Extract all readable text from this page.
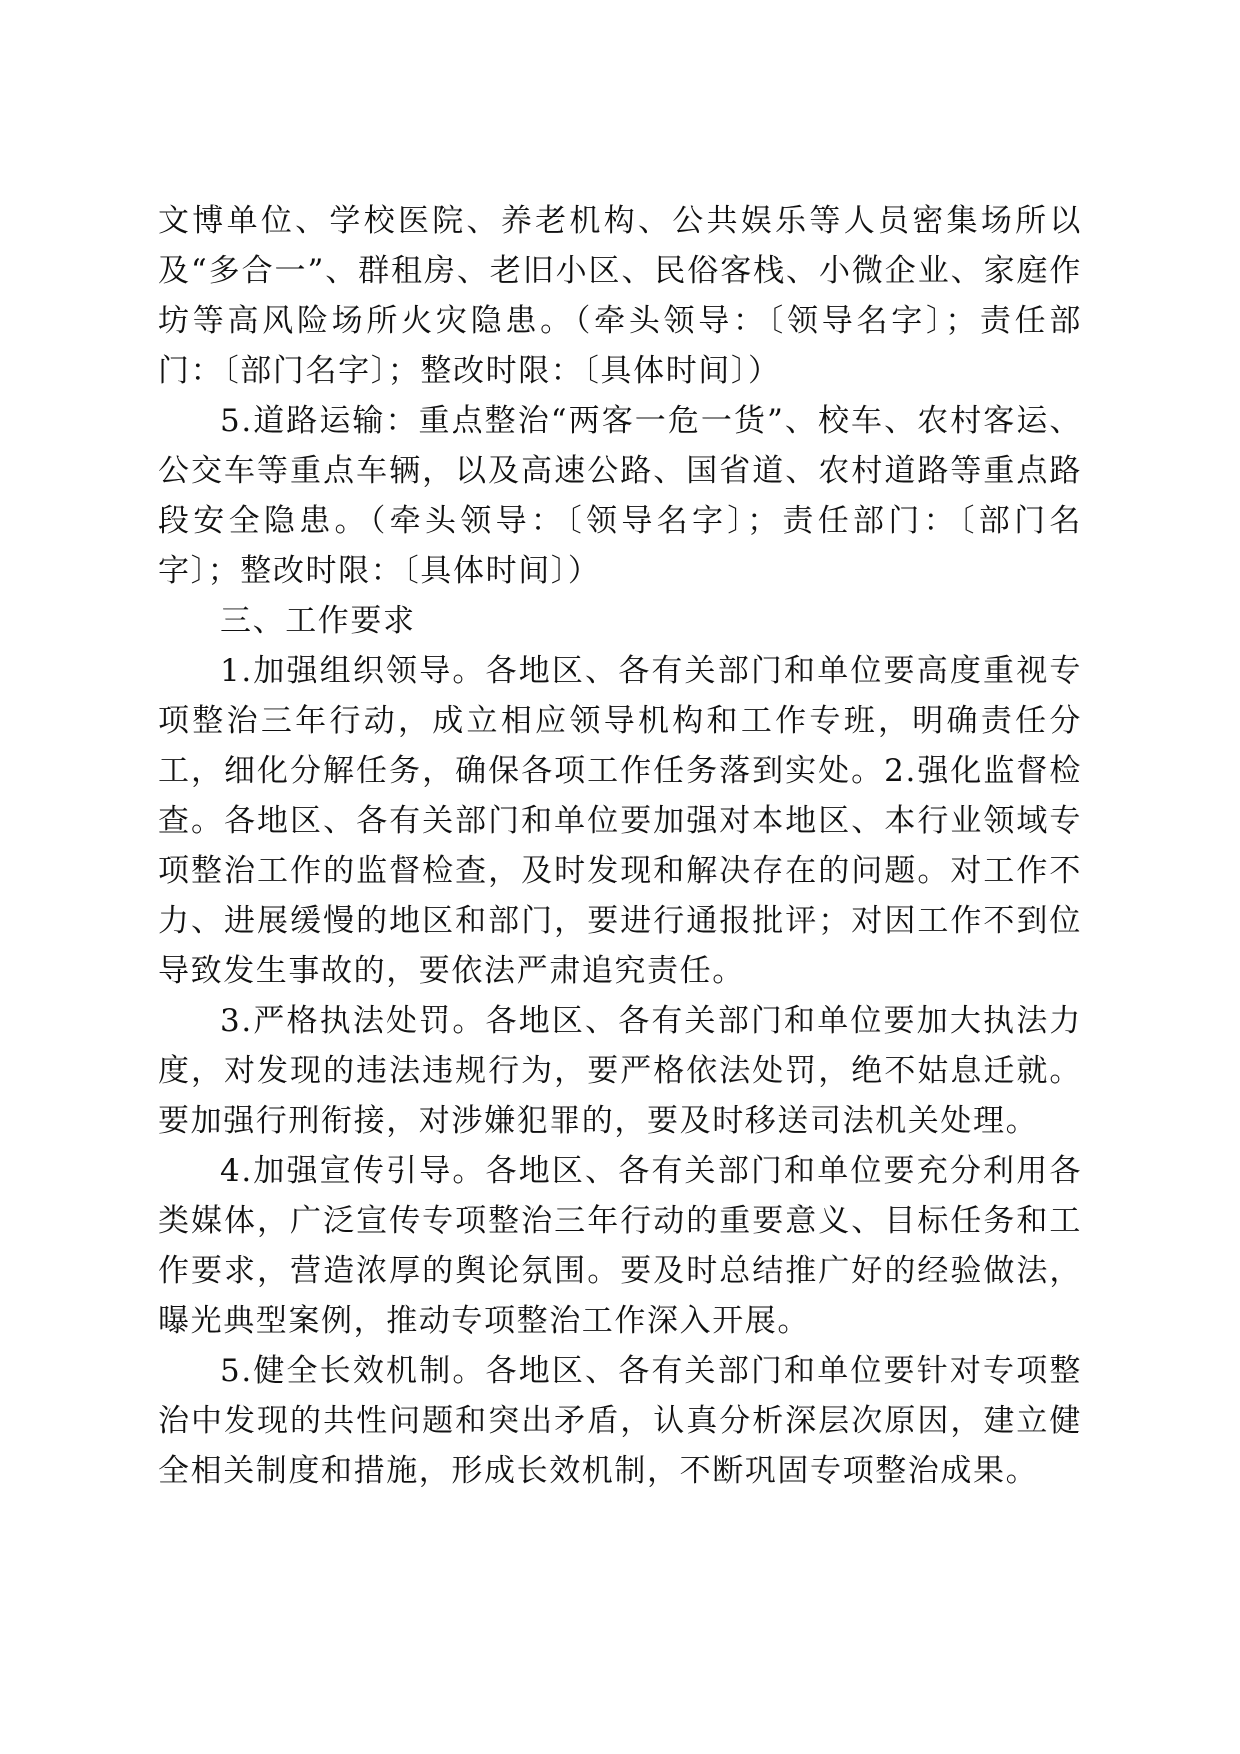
文博单位、学校医院、养老机构、公共娱乐等人员密集场所以及“多合一”、群租房、老旧小区、民俗客栈、小微企业、家庭作坊等高风险场所火灾隐患。（牵头领导：〔领导名字〕；责任部门：〔部门名字〕；整改时限：〔具体时间〕）

5.道路运输：重点整治“两客一危一货”、校车、农村客运、公交车等重点车辆，以及高速公路、国省道、农村道路等重点路段安全隐患。（牵头领导：〔领导名字〕；责任部门：〔部门名字〕；整改时限：〔具体时间〕）

三、工作要求

1.加强组织领导。各地区、各有关部门和单位要高度重视专项整治三年行动，成立相应领导机构和工作专班，明确责任分工，细化分解任务，确保各项工作任务落到实处。2.强化监督检查。各地区、各有关部门和单位要加强对本地区、本行业领域专项整治工作的监督检查，及时发现和解决存在的问题。对工作不力、进展缓慢的地区和部门，要进行通报批评；对因工作不到位导致发生事故的，要依法严肃追究责任。

3.严格执法处罚。各地区、各有关部门和单位要加大执法力度，对发现的违法违规行为，要严格依法处罚，绝不姑息迁就。要加强行刑衔接，对涉嫌犯罪的，要及时移送司法机关处理。

4.加强宣传引导。各地区、各有关部门和单位要充分利用各类媒体，广泛宣传专项整治三年行动的重要意义、目标任务和工作要求，营造浓厚的舆论氛围。要及时总结推广好的经验做法，曝光典型案例，推动专项整治工作深入开展。

5.健全长效机制。各地区、各有关部门和单位要针对专项整治中发现的共性问题和突出矛盾，认真分析深层次原因，建立健全相关制度和措施，形成长效机制，不断巩固专项整治成果。
